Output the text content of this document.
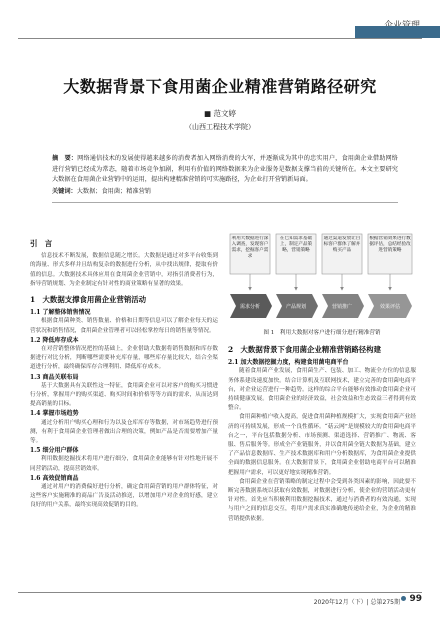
大数据背景下食用菌企业精准营销路径研究
■ 范文婷
（山西工程技术学院）
摘　要：网络通信技术的发展使得越来越多的消费者加入网络消费的大军，并逐渐成为其中的忠实用户，食用菌企业借助网络进行营销已经成为常态，随着市场竞争加剧，利用有价值的网络数据来为企业服务是数据支撑当前的关键所在。本文主要研究大数据在食用菌企业营销中的运用，提出构建精准营销的可实施路径，为企业打开营销新局面。
关键词：大数据；食用菌；精准营销
引　言

信息技术不断发展，数据信息随之增长。大数据是通过对多平台收集到的海量、形式多样并且结构复杂的数据进行分析，从中找出规律，提取有价值的信息。大数据技术具体应用在食用菌企业营销中，对指引消费者行为，指导营销规划、为企业制定有针对性的商业策略有显著的效果。

1　大数据支撑食用菌企业营销活动
1.1 了解整体销售情况

根据食用菌种类、销售数量、价格和日期等信息可以了解企业每天的运营状况和销售情况，食用菌企业管理者可以轻松掌控每日的销售量等情况。

1.2 降低库存成本

在对营销整体情况把控的基础上，企业借助大数据将销售数据和库存数据进行对比分析，判断哪些需要补充库存量，哪些库存量比较大，结合全渠道进行分析，最终确保库存合理利用、降低库存成本。

1.3 商品关联布局

基于大数据具有关联性这一特征，食用菌企业可以对客户的购买习惯进行分析，掌握用户的购买渠道、购买时间和价格等等方面的需求，从而达到提高销量的目标。

1.4 掌握市场趋势

通过分析用户购买心理和行为以及仓库库存等数据，对市场趋势进行预测，有利于食用菌企业管理者做出合理的决策，例如产品是否需要增加产量等。

1.5 细分用户群体

利用数据挖掘技术将用户进行细分，食用菌企业能够有针对性地开展不同营销活动，提高营销效率。

1.6 高效促销商品

通过对用户的消费偏好进行分析，确定食用菌营销的用户群体特征，对这些客户实施精准的商品广告及活动推送，以增加用户对企业的好感，建立良好的用户关系，最终实现高效促销的目的。

利用大数据进行深入调查，发现客户需求，挖掘客户需求
在已知需求基础上，制定产品策略，营销策略
通过渠道发放让目标客户群体了解并购买产品
根据营销效果进行数据评估，总结经验改进营销策略
需求分析	产品规划	营销推广	效果评估
图 1　利用大数据对客户进行细分进行精准营销
2　大数据背景下食用菌企业精准营销路径构建
2.1 加大数据挖掘力度，构建食用菌电商平台

随着食用菌产业发展，食用菌生产、包装、加工、物流全方位的信息服务体系建设速度加快。结合计算机及互联网技术，建立完善的食用菌电商平台，对企业运营进行一种趋势。这样的综合平台能够有效推动食用菌企业可持续健康发展。食用菌企业的经济效益，社会效益和生态效益三者得到有效整合。

食用菌种植户收入提高，促进食用菌种植规模扩大，实现食用菌产业经济的可持续发展，形成一个良性循环。“菇云网”是规模较大的食用菌电商平台之一，平台包括数据分析、市场预测、渠道选择、营销推广、物流、客服、售后服务等。形成全产业链服务，并以食用菌全链大数据为基础，建立了产品信息数据库、生产技术数据库和用户分析数据库，为食用菌企业提供全面的数据信息服务。在大数据背景下，食用菌企业借助电商平台可以精准把握用户需求，可以更好地实现精准营销。

食用菌企业在营销策略的制定过程中会受到各类因素的影响，因此要不断完善数据系统以获取有效数据，对数据进行分析，使企业的营销活动更有针对性。首先应当积极利用数据挖掘技术，通过与消费者的有效沟通，实现与用户之间的信息交互，将用户需求真实准确地传递给企业，为企业的精准营销提供依据。

2020年12月（下）| 总第275期	99
